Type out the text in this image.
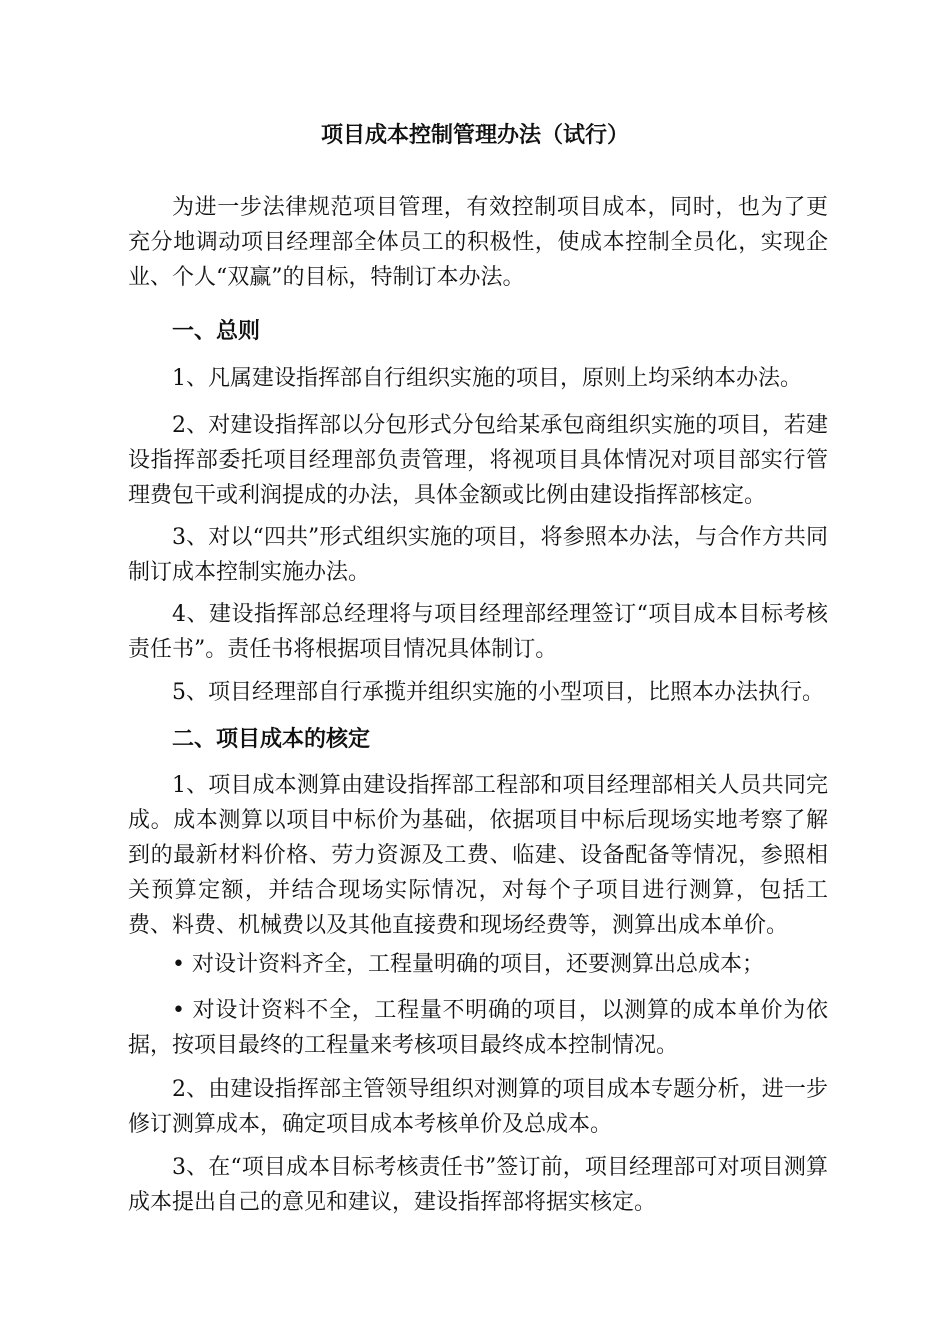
项目成本控制管理办法（试行）
为进一步法律规范项目管理，有效控制项目成本，同时，也为了更充分地调动项目经理部全体员工的积极性，使成本控制全员化，实现企业、个人“双赢”的目标，特制订本办法。
一、总则
1、凡属建设指挥部自行组织实施的项目，原则上均采纳本办法。
2、对建设指挥部以分包形式分包给某承包商组织实施的项目，若建设指挥部委托项目经理部负责管理，将视项目具体情况对项目部实行管理费包干或利润提成的办法，具体金额或比例由建设指挥部核定。
3、对以“四共”形式组织实施的项目，将参照本办法，与合作方共同制订成本控制实施办法。
4、建设指挥部总经理将与项目经理部经理签订“项目成本目标考核责任书”。责任书将根据项目情况具体制订。
5、项目经理部自行承揽并组织实施的小型项目，比照本办法执行。
二、项目成本的核定
1、项目成本测算由建设指挥部工程部和项目经理部相关人员共同完成。成本测算以项目中标价为基础，依据项目中标后现场实地考察了解到的最新材料价格、劳力资源及工费、临建、设备配备等情况，参照相关预算定额，并结合现场实际情况，对每个子项目进行测算，包括工费、料费、机械费以及其他直接费和现场经费等，测算出成本单价。
• 对设计资料齐全，工程量明确的项目，还要测算出总成本；
• 对设计资料不全，工程量不明确的项目，以测算的成本单价为依据，按项目最终的工程量来考核项目最终成本控制情况。
2、由建设指挥部主管领导组织对测算的项目成本专题分析，进一步修订测算成本，确定项目成本考核单价及总成本。
3、在“项目成本目标考核责任书”签订前，项目经理部可对项目测算成本提出自己的意见和建议，建设指挥部将据实核定。
